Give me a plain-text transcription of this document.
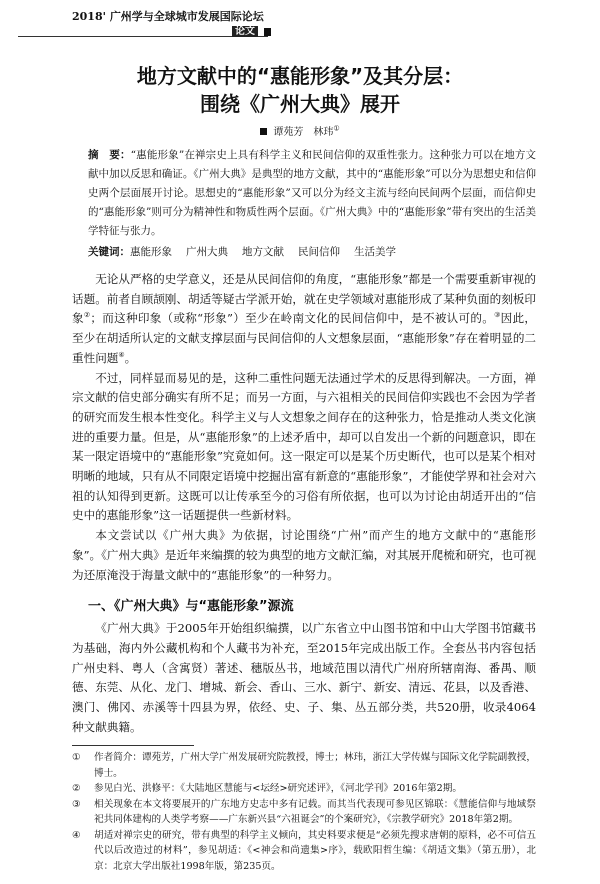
2018' 广州学与全球城市发展国际论坛
论文
地方文献中的“惠能形象”及其分层：
围绕《广州大典》展开
谭苑芳　林玮①
摘　要：“惠能形象”在禅宗史上具有科学主义和民间信仰的双重性张力。这种张力可以在地方文献中加以反思和确证。《广州大典》是典型的地方文献，其中的“惠能形象”可以分为思想史和信仰史两个层面展开讨论。思想史的“惠能形象”又可以分为经文主流与经向民间两个层面，而信仰史的“惠能形象”则可分为精神性和物质性两个层面。《广州大典》中的“惠能形象”带有突出的生活美学特征与张力。
关键词：惠能形象 广州大典 地方文献 民间信仰 生活美学

无论从严格的史学意义，还是从民间信仰的角度，“惠能形象”都是一个需要重新审视的话题。前者自顾颉刚、胡适等疑古学派开始，就在史学领域对惠能形成了某种负面的刻板印象②；而这种印象（或称“形象”）至少在岭南文化的民间信仰中，是不被认可的。③因此，至少在胡适所认定的文献支撑层面与民间信仰的人文想象层面，“惠能形象”存在着明显的二重性问题④。

不过，同样显而易见的是，这种二重性问题无法通过学术的反思得到解决。一方面，禅宗文献的信史部分确实有所不足；而另一方面，与六祖相关的民间信仰实践也不会因为学者的研究而发生根本性变化。科学主义与人文想象之间存在的这种张力，恰是推动人类文化演进的重要力量。但是，从“惠能形象”的上述矛盾中，却可以自发出一个新的问题意识，即在某一限定语境中的“惠能形象”究竟如何。这一限定可以是某个历史断代，也可以是某个相对明晰的地域，只有从不同限定语境中挖掘出富有新意的“惠能形象”，才能使学界和社会对六祖的认知得到更新。这既可以让传承至今的习俗有所依据，也可以为讨论由胡适开出的“信史中的惠能形象”这一话题提供一些新材料。

本文尝试以《广州大典》为依据，讨论围绕“广州”而产生的地方文献中的“惠能形象”。《广州大典》是近年来编撰的较为典型的地方文献汇编，对其展开爬梳和研究，也可视为还原淹没于海量文献中的“惠能形象”的一种努力。

一、《广州大典》与“惠能形象”源流

《广州大典》于2005年开始组织编撰，以广东省立中山图书馆和中山大学图书馆藏书为基础，海内外公藏机构和个人藏书为补充，至2015年完成出版工作。全套丛书内容包括广州史料、粤人（含寓贤）著述、穗版丛书，地域范围以清代广州府所辖南海、番禺、顺德、东莞、从化、龙门、增城、新会、香山、三水、新宁、新安、清远、花县，以及香港、澳门、佛冈、赤溪等十四县为界，依经、史、子、集、丛五部分类，共520册，收录4064种文献典籍。

①	作者简介：谭苑芳，广州大学广州发展研究院教授，博士；林玮，浙江大学传媒与国际文化学院副教授，博士。
②	参见白光、洪修平：《大陆地区慧能与<坛经>研究述评》，《河北学刊》2016年第2期。
③	相关现象在本文将要展开的广东地方史志中多有记载。而其当代表现可参见区锦联：《慧能信仰与地域祭祀共同体建构的人类学考察——广东新兴县“六祖诞会”的个案研究》，《宗教学研究》2018年第2期。
④	胡适对禅宗史的研究，带有典型的科学主义倾向，其史料要求便是“必须先搜求唐朝的原料，必不可信五代以后改造过的材料”，参见胡适：《<神会和尚遗集>序》，载欧阳哲生编：《胡适文集》（第五册），北京：北京大学出版社1998年版，第235页。
